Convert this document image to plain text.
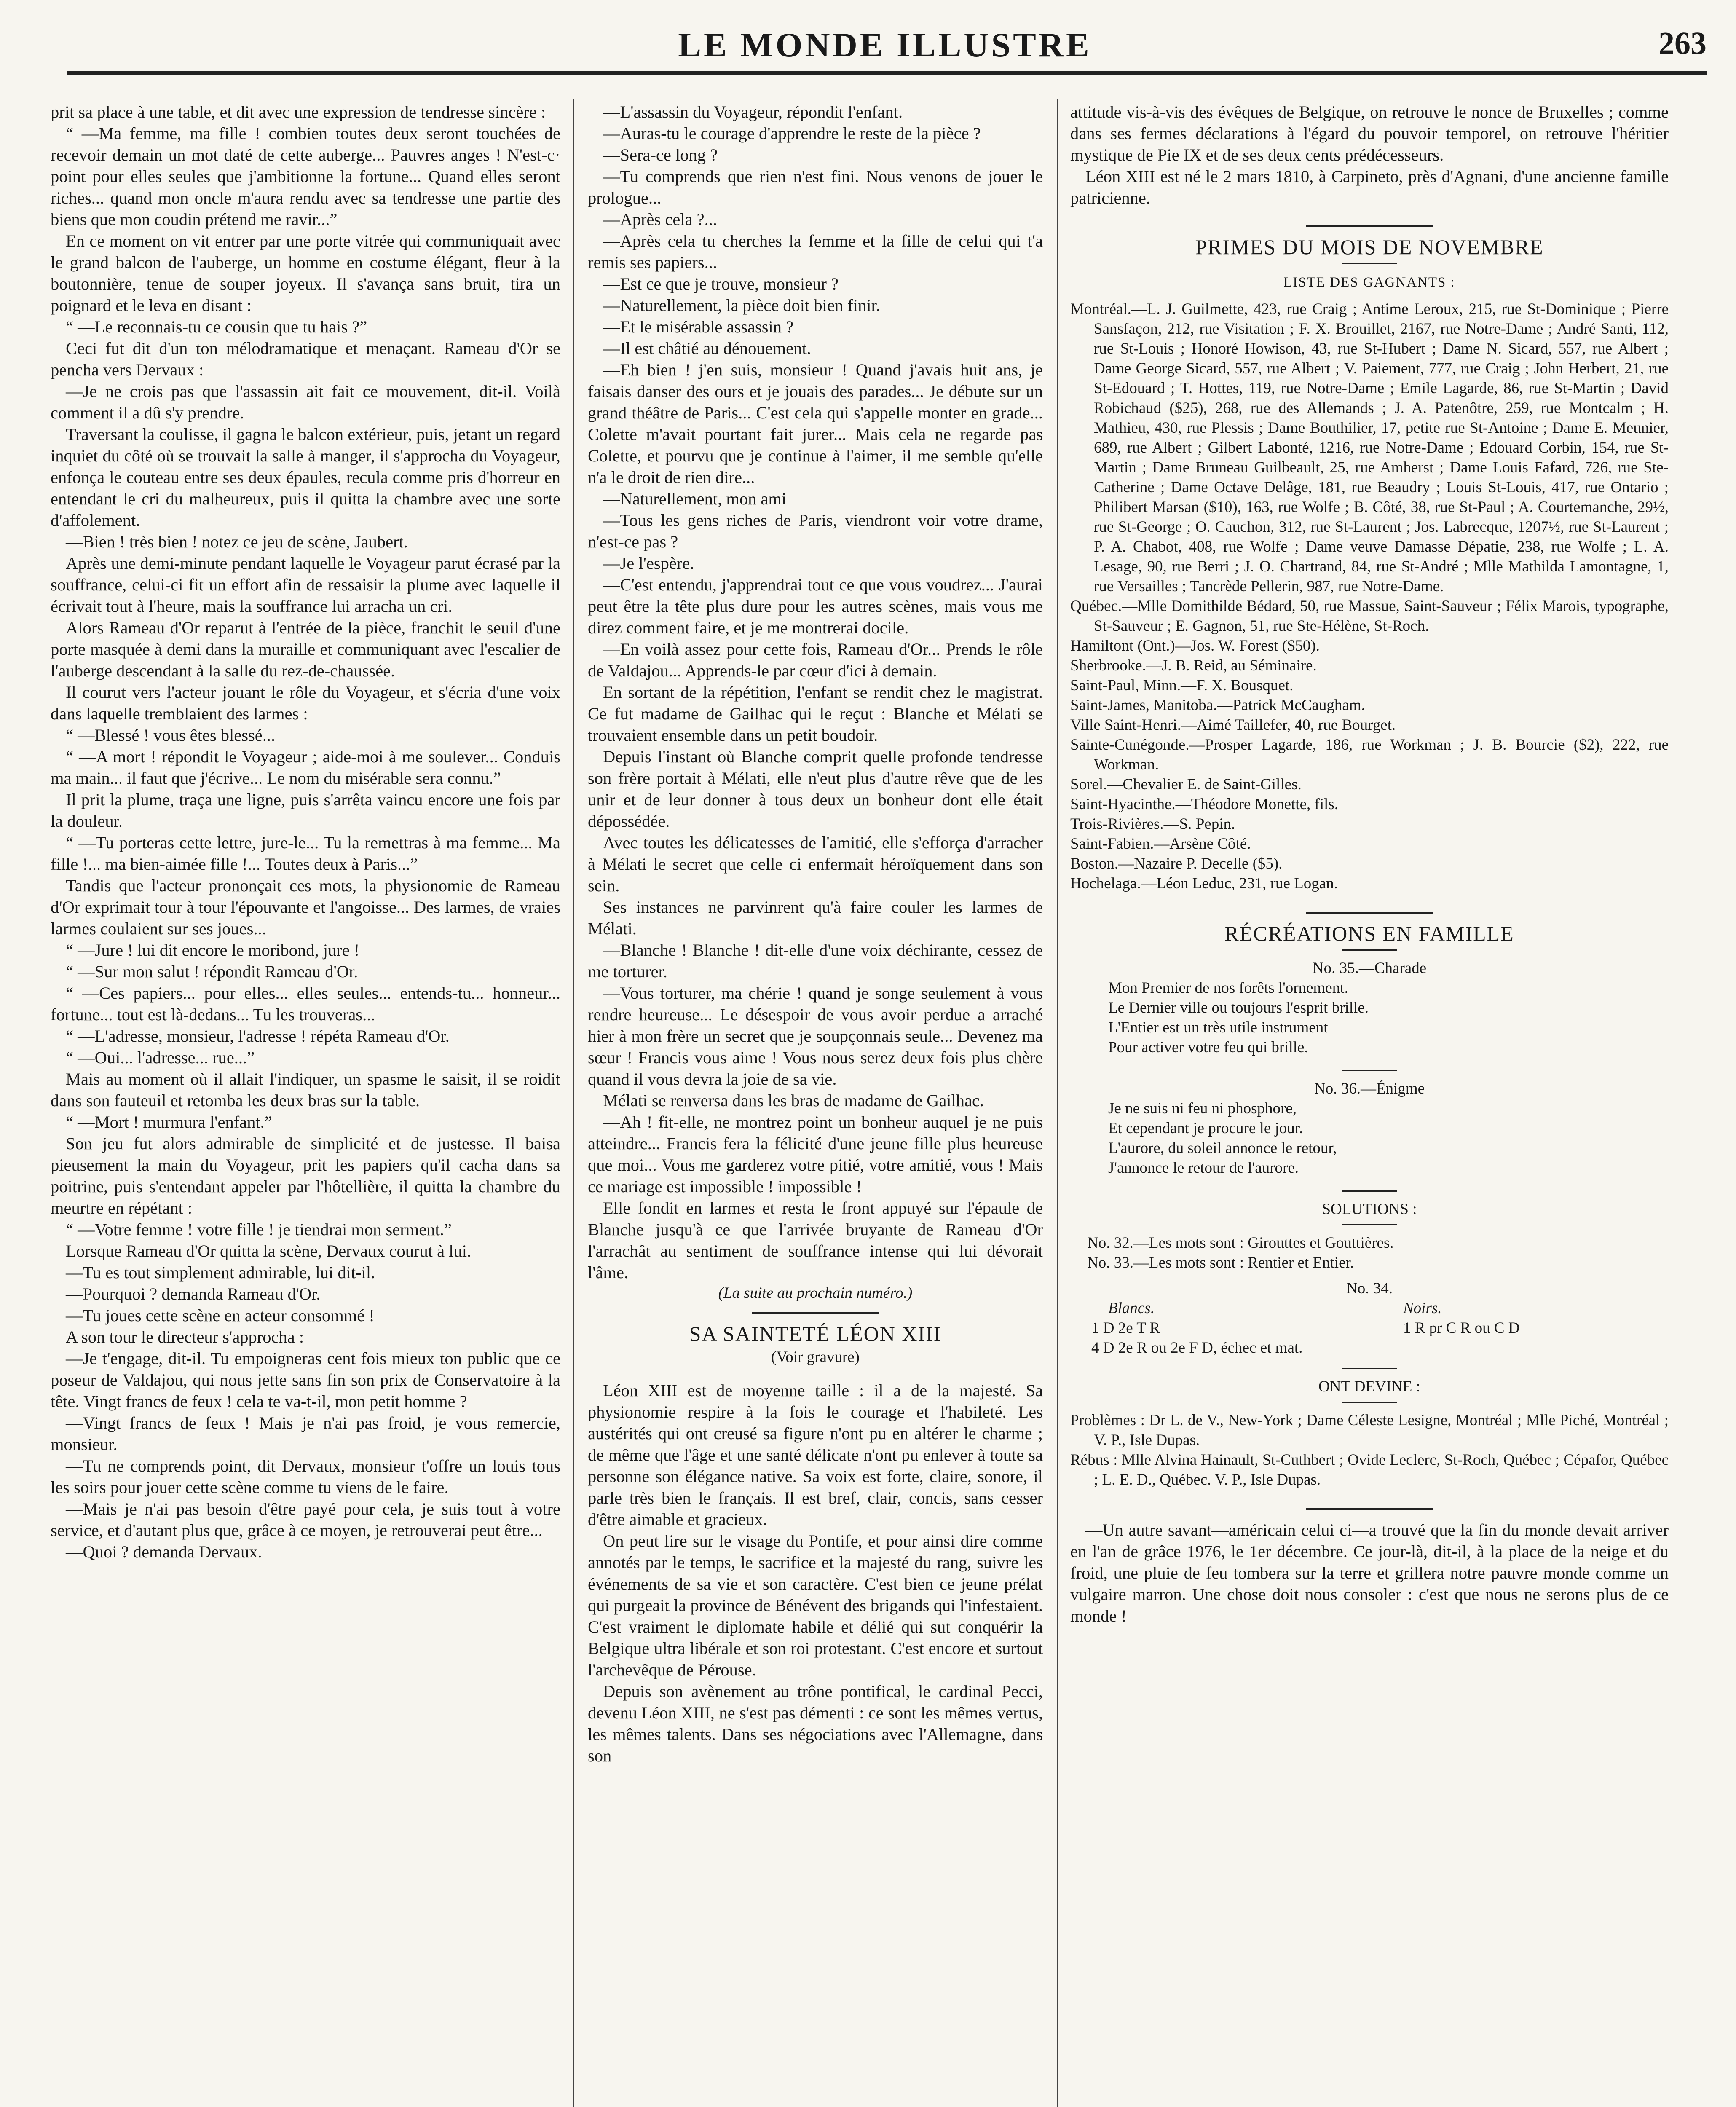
LE MONDE ILLUSTRE	263

prit sa place à une table, et dit avec une expression de tendresse sincère :

“ —Ma femme, ma fille ! combien toutes deux seront touchées de recevoir demain un mot daté de cette auberge... Pauvres anges ! N'est-c· point pour elles seules que j'ambitionne la fortune... Quand elles seront riches... quand mon oncle m'aura rendu avec sa tendresse une partie des biens que mon coudin prétend me ravir...”

En ce moment on vit entrer par une porte vitrée qui communiquait avec le grand balcon de l'auberge, un homme en costume élégant, fleur à la boutonnière, tenue de souper joyeux. Il s'avança sans bruit, tira un poignard et le leva en disant :

“ —Le reconnais-tu ce cousin que tu hais ?”

Ceci fut dit d'un ton mélodramatique et menaçant. Rameau d'Or se pencha vers Dervaux :

—Je ne crois pas que l'assassin ait fait ce mouvement, dit-il. Voilà comment il a dû s'y prendre.

Traversant la coulisse, il gagna le balcon extérieur, puis, jetant un regard inquiet du côté où se trouvait la salle à manger, il s'approcha du Voyageur, enfonça le couteau entre ses deux épaules, recula comme pris d'horreur en entendant le cri du malheureux, puis il quitta la chambre avec une sorte d'affolement.

—Bien ! très bien ! notez ce jeu de scène, Jaubert.

Après une demi-minute pendant laquelle le Voyageur parut écrasé par la souffrance, celui-ci fit un effort afin de ressaisir la plume avec laquelle il écrivait tout à l'heure, mais la souffrance lui arracha un cri.

Alors Rameau d'Or reparut à l'entrée de la pièce, franchit le seuil d'une porte masquée à demi dans la muraille et communiquant avec l'escalier de l'auberge descendant à la salle du rez-de-chaussée.

Il courut vers l'acteur jouant le rôle du Voyageur, et s'écria d'une voix dans laquelle tremblaient des larmes :

“ —Blessé ! vous êtes blessé...

“ —A mort ! répondit le Voyageur ; aide-moi à me soulever... Conduis ma main... il faut que j'écrive... Le nom du misérable sera connu.”

Il prit la plume, traça une ligne, puis s'arrêta vaincu encore une fois par la douleur.

“ —Tu porteras cette lettre, jure-le... Tu la remettras à ma femme... Ma fille !... ma bien-aimée fille !... Toutes deux à Paris...”

Tandis que l'acteur prononçait ces mots, la physionomie de Rameau d'Or exprimait tour à tour l'épouvante et l'angoisse... Des larmes, de vraies larmes coulaient sur ses joues...

“ —Jure ! lui dit encore le moribond, jure !

“ —Sur mon salut ! répondit Rameau d'Or.

“ —Ces papiers... pour elles... elles seules... entends-tu... honneur... fortune... tout est là-dedans... Tu les trouveras...

“ —L'adresse, monsieur, l'adresse ! répéta Rameau d'Or.

“ —Oui... l'adresse... rue...”

Mais au moment où il allait l'indiquer, un spasme le saisit, il se roidit dans son fauteuil et retomba les deux bras sur la table.

“ —Mort ! murmura l'enfant.”

Son jeu fut alors admirable de simplicité et de justesse. Il baisa pieusement la main du Voyageur, prit les papiers qu'il cacha dans sa poitrine, puis s'entendant appeler par l'hôtellière, il quitta la chambre du meurtre en répétant :

“ —Votre femme ! votre fille ! je tiendrai mon serment.”

Lorsque Rameau d'Or quitta la scène, Dervaux courut à lui.

—Tu es tout simplement admirable, lui dit-il.

—Pourquoi ? demanda Rameau d'Or.

—Tu joues cette scène en acteur consommé !

A son tour le directeur s'approcha :

—Je t'engage, dit-il. Tu empoigneras cent fois mieux ton public que ce poseur de Valdajou, qui nous jette sans fin son prix de Conservatoire à la tête. Vingt francs de feux ! cela te va-t-il, mon petit homme ?

—Vingt francs de feux ! Mais je n'ai pas froid, je vous remercie, monsieur.

—Tu ne comprends point, dit Dervaux, monsieur t'offre un louis tous les soirs pour jouer cette scène comme tu viens de le faire.

—Mais je n'ai pas besoin d'être payé pour cela, je suis tout à votre service, et d'autant plus que, grâce à ce moyen, je retrouverai peut être...

—Quoi ? demanda Dervaux.

—L'assassin du Voyageur, répondit l'enfant.

—Auras-tu le courage d'apprendre le reste de la pièce ?

—Sera-ce long ?

—Tu comprends que rien n'est fini. Nous venons de jouer le prologue...

—Après cela ?...

—Après cela tu cherches la femme et la fille de celui qui t'a remis ses papiers...

—Est ce que je trouve, monsieur ?

—Naturellement, la pièce doit bien finir.

—Et le misérable assassin ?

—Il est châtié au dénouement.

—Eh bien ! j'en suis, monsieur ! Quand j'avais huit ans, je faisais danser des ours et je jouais des parades... Je débute sur un grand théâtre de Paris... C'est cela qui s'appelle monter en grade... Colette m'avait pourtant fait jurer... Mais cela ne regarde pas Colette, et pourvu que je continue à l'aimer, il me semble qu'elle n'a le droit de rien dire...

—Naturellement, mon ami

—Tous les gens riches de Paris, viendront voir votre drame, n'est-ce pas ?

—Je l'espère.

—C'est entendu, j'apprendrai tout ce que vous voudrez... J'aurai peut être la tête plus dure pour les autres scènes, mais vous me direz comment faire, et je me montrerai docile.

—En voilà assez pour cette fois, Rameau d'Or... Prends le rôle de Valdajou... Apprends-le par cœur d'ici à demain.

En sortant de la répétition, l'enfant se rendit chez le magistrat. Ce fut madame de Gailhac qui le reçut : Blanche et Mélati se trouvaient ensemble dans un petit boudoir.

Depuis l'instant où Blanche comprit quelle profonde tendresse son frère portait à Mélati, elle n'eut plus d'autre rêve que de les unir et de leur donner à tous deux un bonheur dont elle était dépossédée.

Avec toutes les délicatesses de l'amitié, elle s'efforça d'arracher à Mélati le secret que celle ci enfermait héroïquement dans son sein.

Ses instances ne parvinrent qu'à faire couler les larmes de Mélati.

—Blanche ! Blanche ! dit-elle d'une voix déchirante, cessez de me torturer.

—Vous torturer, ma chérie ! quand je songe seulement à vous rendre heureuse... Le désespoir de vous avoir perdue a arraché hier à mon frère un secret que je soupçonnais seule... Devenez ma sœur ! Francis vous aime ! Vous nous serez deux fois plus chère quand il vous devra la joie de sa vie.

Mélati se renversa dans les bras de madame de Gailhac.

—Ah ! fit-elle, ne montrez point un bonheur auquel je ne puis atteindre... Francis fera la félicité d'une jeune fille plus heureuse que moi... Vous me garderez votre pitié, votre amitié, vous ! Mais ce mariage est impossible ! impossible !

Elle fondit en larmes et resta le front appuyé sur l'épaule de Blanche jusqu'à ce que l'arrivée bruyante de Rameau d'Or l'arrachât au sentiment de souffrance intense qui lui dévorait l'âme.

(La suite au prochain numéro.)

SA SAINTETÉ LÉON XIII

(Voir gravure)

Léon XIII est de moyenne taille : il a de la majesté. Sa physionomie respire à la fois le courage et l'habileté. Les austérités qui ont creusé sa figure n'ont pu en altérer le charme ; de même que l'âge et une santé délicate n'ont pu enlever à toute sa personne son élégance native. Sa voix est forte, claire, sonore, il parle très bien le français. Il est bref, clair, concis, sans cesser d'être aimable et gracieux.

On peut lire sur le visage du Pontife, et pour ainsi dire comme annotés par le temps, le sacrifice et la majesté du rang, suivre les événements de sa vie et son caractère. C'est bien ce jeune prélat qui purgeait la province de Bénévent des brigands qui l'infestaient. C'est vraiment le diplomate habile et délié qui sut conquérir la Belgique ultra libérale et son roi protestant. C'est encore et surtout l'archevêque de Pérouse.

Depuis son avènement au trône pontifical, le cardinal Pecci, devenu Léon XIII, ne s'est pas démenti : ce sont les mêmes vertus, les mêmes talents. Dans ses négociations avec l'Allemagne, dans son

attitude vis-à-vis des évêques de Belgique, on retrouve le nonce de Bruxelles ; comme dans ses fermes déclarations à l'égard du pouvoir temporel, on retrouve l'héritier mystique de Pie IX et de ses deux cents prédécesseurs.

Léon XIII est né le 2 mars 1810, à Carpineto, près d'Agnani, d'une ancienne famille patricienne.

PRIMES DU MOIS DE NOVEMBRE

LISTE DES GAGNANTS :

Montréal.—L. J. Guilmette, 423, rue Craig ; Antime Leroux, 215, rue St-Dominique ; Pierre Sansfaçon, 212, rue Visitation ; F. X. Brouillet, 2167, rue Notre-Dame ; André Santi, 112, rue St-Louis ; Honoré Howison, 43, rue St-Hubert ; Dame N. Sicard, 557, rue Albert ; Dame George Sicard, 557, rue Albert ; V. Paiement, 777, rue Craig ; John Herbert, 21, rue St-Edouard ; T. Hottes, 119, rue Notre-Dame ; Emile Lagarde, 86, rue St-Martin ; David Robichaud ($25), 268, rue des Allemands ; J. A. Patenôtre, 259, rue Montcalm ; H. Mathieu, 430, rue Plessis ; Dame Bouthilier, 17, petite rue St-Antoine ; Dame E. Meunier, 689, rue Albert ; Gilbert Labonté, 1216, rue Notre-Dame ; Edouard Corbin, 154, rue St-Martin ; Dame Bruneau Guilbeault, 25, rue Amherst ; Dame Louis Fafard, 726, rue Ste-Catherine ; Dame Octave Delâge, 181, rue Beaudry ; Louis St-Louis, 417, rue Ontario ; Philibert Marsan ($10), 163, rue Wolfe ; B. Côté, 38, rue St-Paul ; A. Courtemanche, 29½, rue St-George ; O. Cauchon, 312, rue St-Laurent ; Jos. Labrecque, 1207½, rue St-Laurent ; P. A. Chabot, 408, rue Wolfe ; Dame veuve Damasse Dépatie, 238, rue Wolfe ; L. A. Lesage, 90, rue Berri ; J. O. Chartrand, 84, rue St-André ; Mlle Mathilda Lamontagne, 1, rue Versailles ; Tancrède Pellerin, 987, rue Notre-Dame.

Québec.—Mlle Domithilde Bédard, 50, rue Massue, Saint-Sauveur ; Félix Marois, typographe, St-Sauveur ; E. Gagnon, 51, rue Ste-Hélène, St-Roch.

Hamiltont (Ont.)—Jos. W. Forest ($50).

Sherbrooke.—J. B. Reid, au Séminaire.

Saint-Paul, Minn.—F. X. Bousquet.

Saint-James, Manitoba.—Patrick McCaugham.

Ville Saint-Henri.—Aimé Taillefer, 40, rue Bourget.

Sainte-Cunégonde.—Prosper Lagarde, 186, rue Workman ; J. B. Bourcie ($2), 222, rue Workman.

Sorel.—Chevalier E. de Saint-Gilles.

Saint-Hyacinthe.—Théodore Monette, fils.

Trois-Rivières.—S. Pepin.

Saint-Fabien.—Arsène Côté.

Boston.—Nazaire P. Decelle ($5).

Hochelaga.—Léon Leduc, 231, rue Logan.

RÉCRÉATIONS EN FAMILLE

No. 35.—Charade

Mon Premier de nos forêts l'ornement.

Le Dernier ville ou toujours l'esprit brille.

L'Entier est un très utile instrument

Pour activer votre feu qui brille.

No. 36.—Énigme

Je ne suis ni feu ni phosphore,

Et cependant je procure le jour.

L'aurore, du soleil annonce le retour,

J'annonce le retour de l'aurore.

SOLUTIONS :

No. 32.—Les mots sont : Girouttes et Gouttières.

No. 33.—Les mots sont : Rentier et Entier.

No. 34.

Blancs.	Noirs.

1 D 2e T R	1 R pr C R ou C D

4 D 2e R ou 2e F D, échec et mat.

ONT DEVINE :

Problèmes : Dr L. de V., New-York ; Dame Céleste Lesigne, Montréal ; Mlle Piché, Montréal ; V. P., Isle Dupas.

Rébus : Mlle Alvina Hainault, St-Cuthbert ; Ovide Leclerc, St-Roch, Québec ; Cépafor, Québec ; L. E. D., Québec. V. P., Isle Dupas.

—Un autre savant—américain celui ci—a trouvé que la fin du monde devait arriver en l'an de grâce 1976, le 1er décembre. Ce jour-là, dit-il, à la place de la neige et du froid, une pluie de feu tombera sur la terre et grillera notre pauvre monde comme un vulgaire marron. Une chose doit nous consoler : c'est que nous ne serons plus de ce monde !
